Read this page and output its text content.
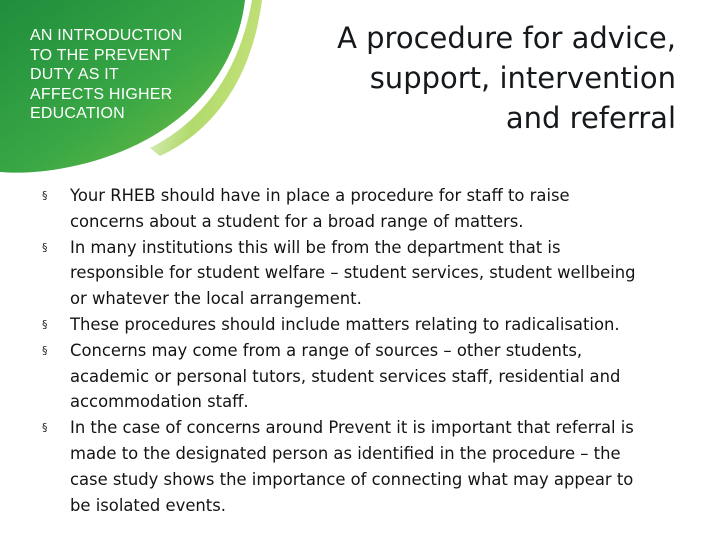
AN INTRODUCTION
TO THE PREVENT
DUTY AS IT
AFFECTS HIGHER
EDUCATION
A procedure for advice,
support, intervention
and referral
§	Your RHEB should have in place a procedure for staff to raise
concerns about a student for a broad range of matters.
§	In many institutions this will be from the department that is
responsible for student welfare – student services, student wellbeing
or whatever the local arrangement.
§	These procedures should include matters relating to radicalisation.
§	Concerns may come from a range of sources – other students,
academic or personal tutors, student services staff, residential and
accommodation staff.
§	In the case of concerns around Prevent it is important that referral is
made to the designated person as identified in the procedure – the
case study shows the importance of connecting what may appear to
be isolated events.
